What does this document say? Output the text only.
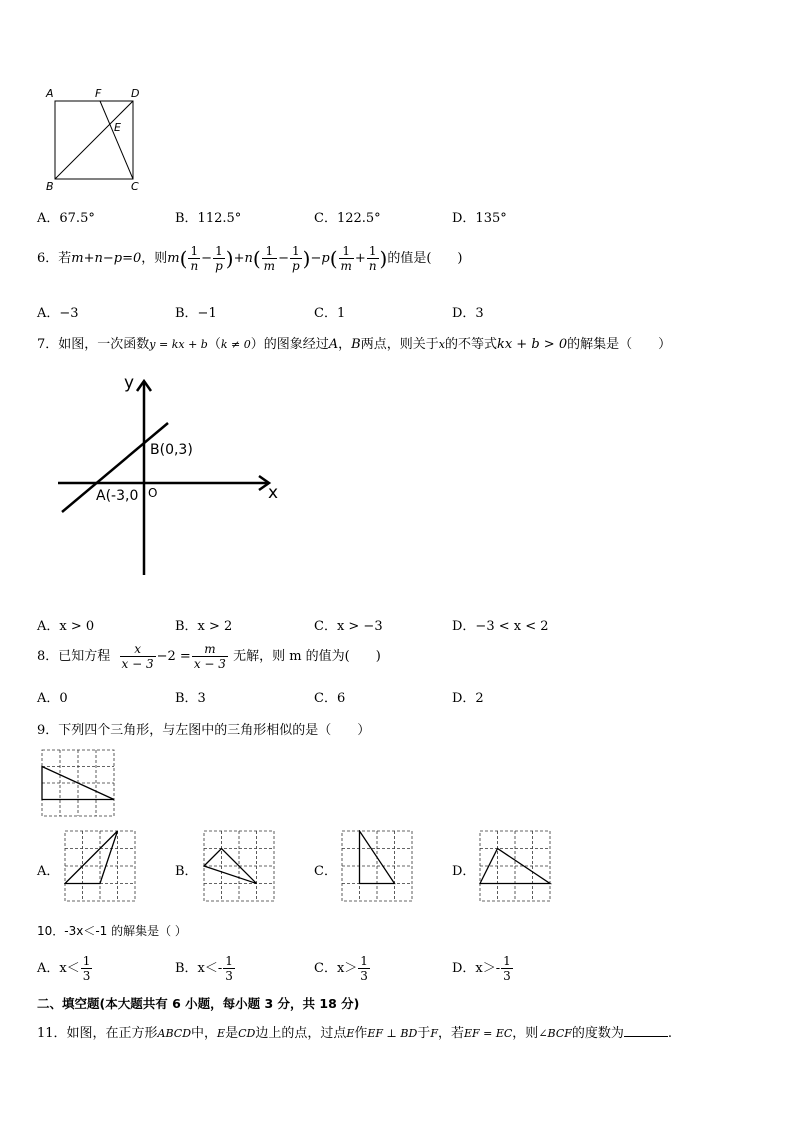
A	F	D
E
B	C
A．67.5°	B．112.5°	C．122.5°	D．135°
6．若m+n−p=0，则$m( \frac{1}{n} - \frac{1}{p} )+n( \frac{1}{m} - \frac{1}{p} )-p( \frac{1}{m} + \frac{1}{n}$ )的值是(　　)
A．−3	B．−1	C．1	D．3
7．如图，一次函数y = kx + b（k ≠ 0）的图象经过A，B两点，则关于x的不等式kx + b > 0的解集是（　　）
y
x
B(0,3)
A(-3,0 O
A．x > 0	B．x > 2	C．x > −3	D．−3 < x < 2
8．已知方程 $\frac{x}{x - 3} -2 = \frac{m}{x - 3}$ 无解，则 m 的值为(　　)
A．0	B．3	C．6	D．2
9．下列四个三角形，与左图中的三角形相似的是（　　）
A．	B．	C．	D．
10．-3x＜-1 的解集是（ ）
A．$x< \frac{1}{3}$	B．$x<- \frac{1}{3}$	C．$x> \frac{1}{3}$	D．$x>- \frac{1}{3}$
二、填空题(本大题共有 6 小题，每小题 3 分，共 18 分)
11．如图，在正方形ABCD中，E是CD边上的点，过点E作EF ⊥ BD于F，若EF = EC，则∠BCF的度数为	.
